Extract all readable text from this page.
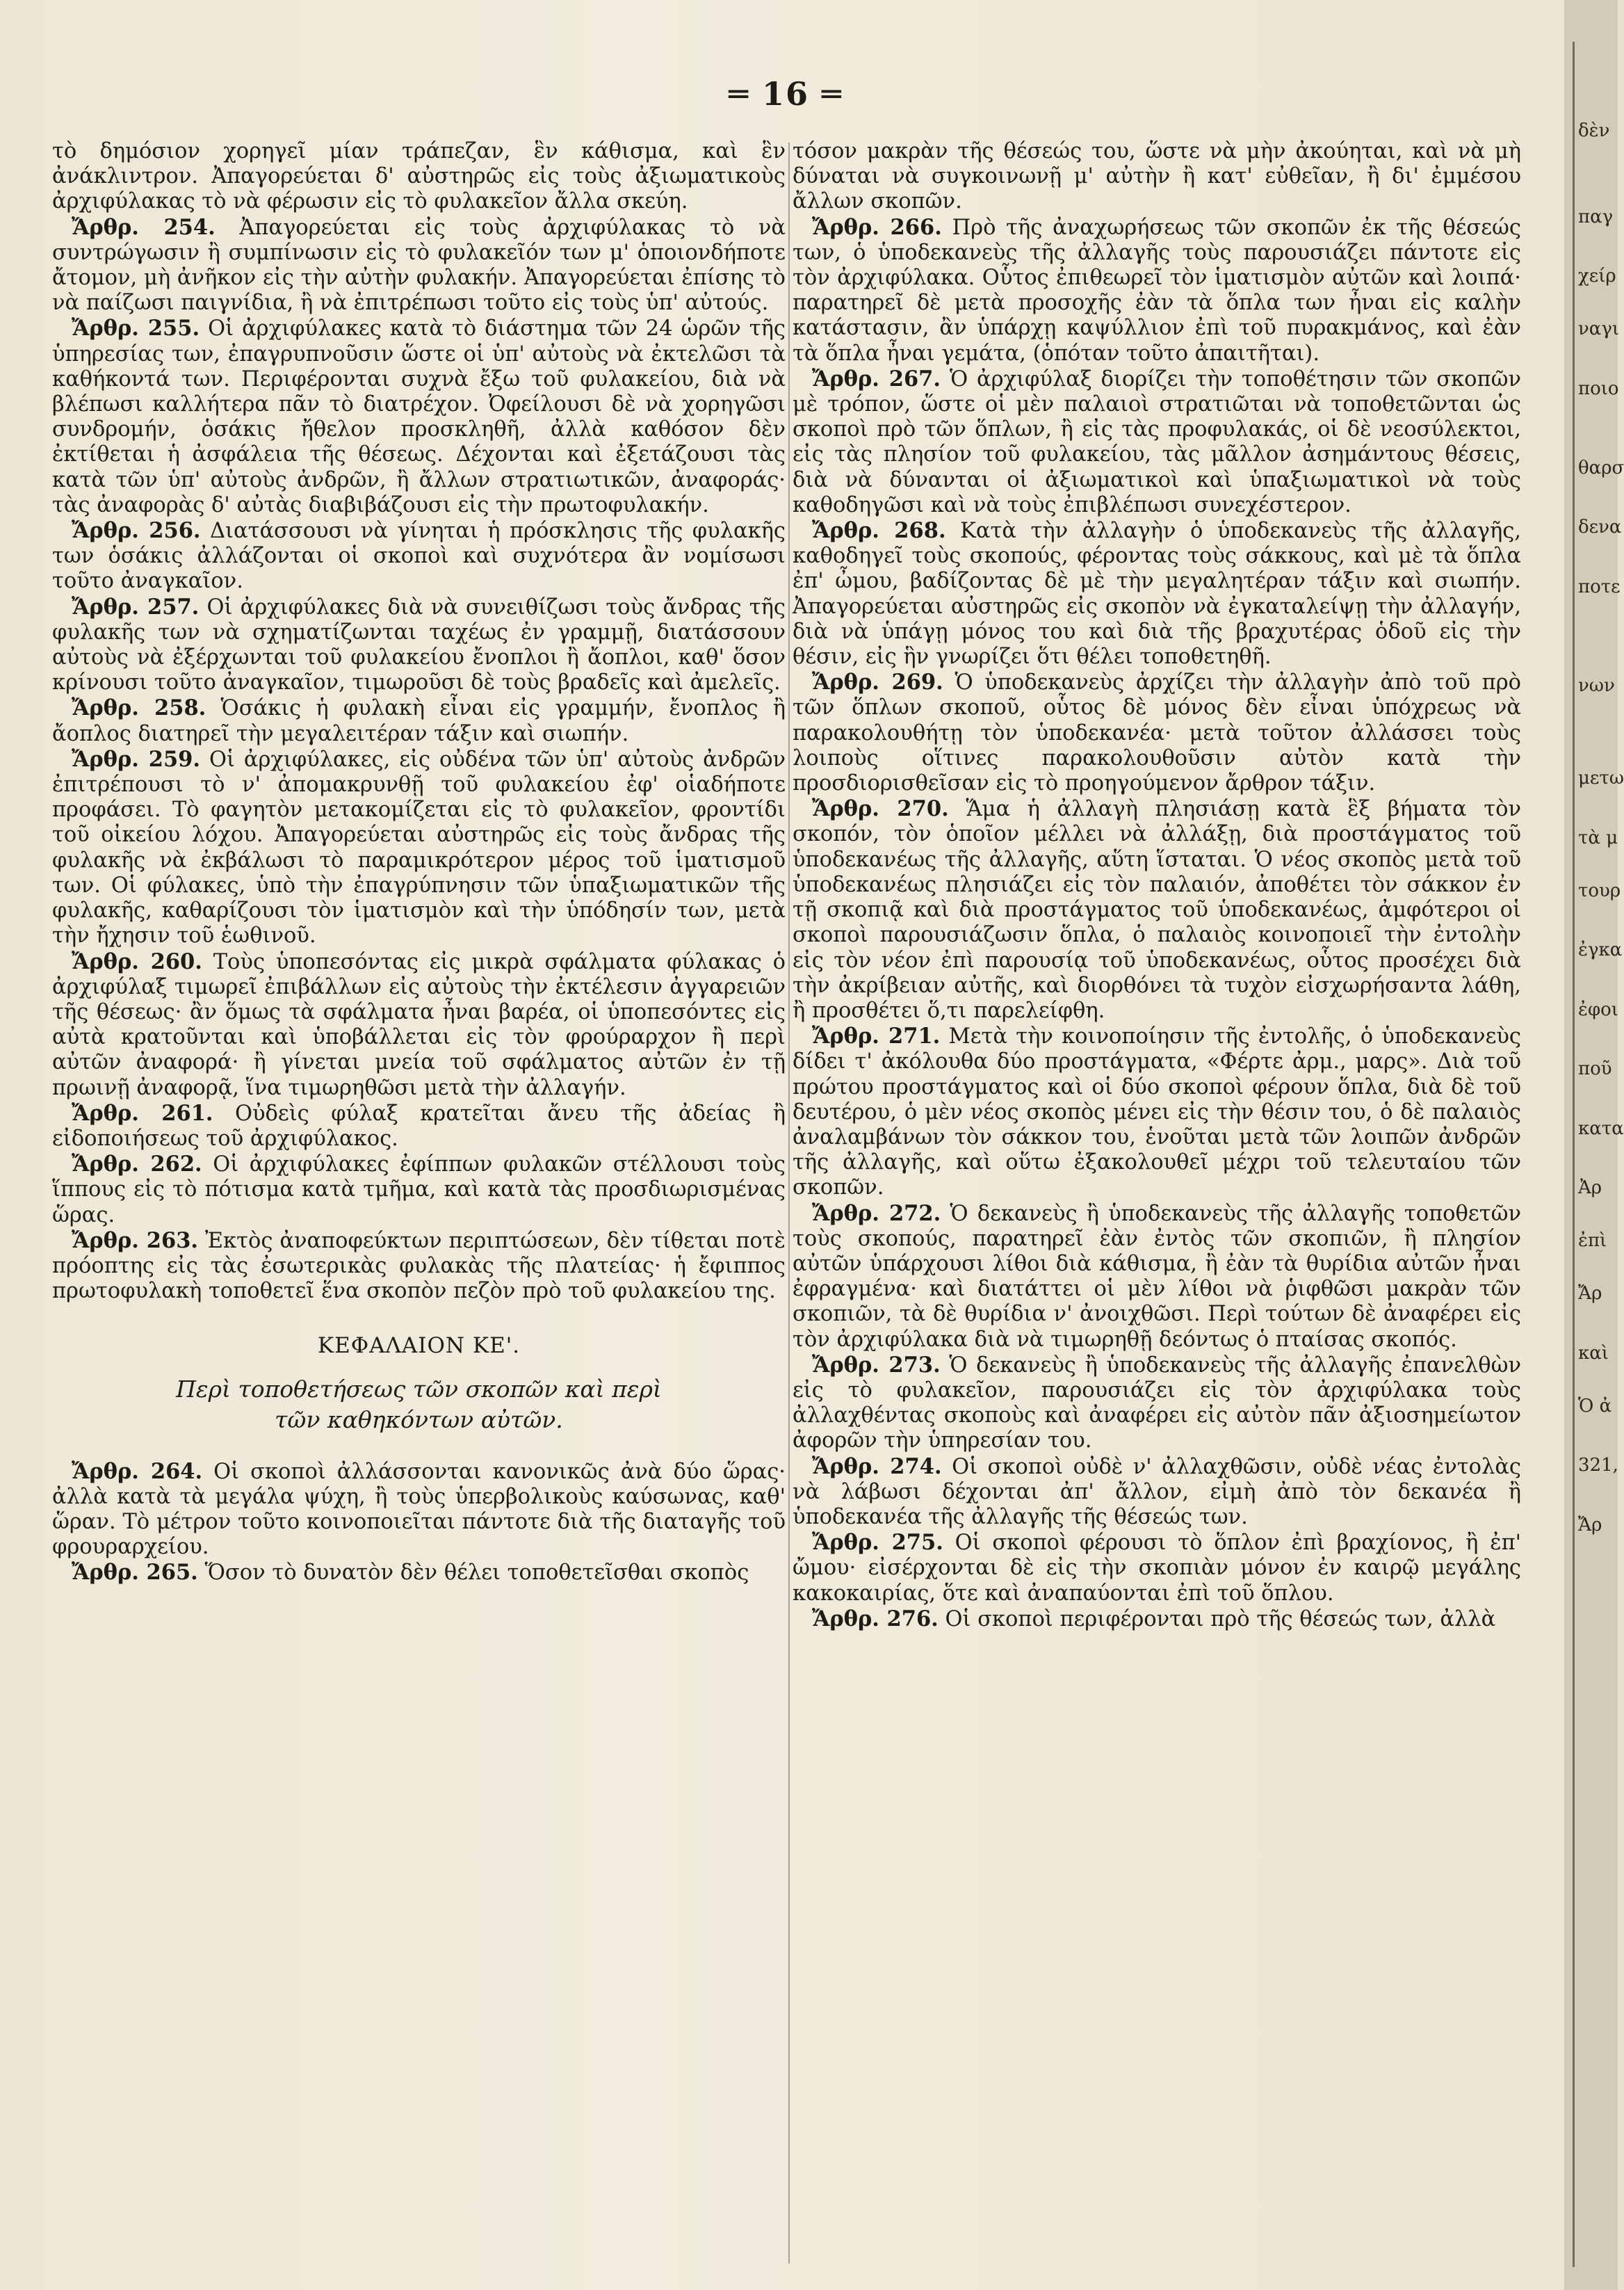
═ 16 ═

τὸ δημόσιον χορηγεῖ μίαν τράπεζαν, ἓν κάθισμα, καὶ ἓν ἀνάκλιντρον. Ἀπαγορεύεται δ' αὐστηρῶς εἰς τοὺς ἀξιωματικοὺς ἀρχιφύλακας τὸ νὰ φέρωσιν εἰς τὸ φυλακεῖον ἄλλα σκεύη.

Ἄρθρ. 254. Ἀπαγορεύεται εἰς τοὺς ἀρχιφύλακας τὸ νὰ συντρώγωσιν ἢ συμπίνωσιν εἰς τὸ φυλακεῖόν των μ' ὁποιονδήποτε ἄτομον, μὴ ἀνῆκον εἰς τὴν αὐτὴν φυλακήν. Ἀπαγορεύεται ἐπίσης τὸ νὰ παίζωσι παιγνίδια, ἢ νὰ ἐπιτρέπωσι τοῦτο εἰς τοὺς ὑπ' αὐτούς.

Ἄρθρ. 255. Οἱ ἀρχιφύλακες κατὰ τὸ διάστημα τῶν 24 ὡρῶν τῆς ὑπηρεσίας των, ἐπαγρυπνοῦσιν ὥστε οἱ ὑπ' αὐτοὺς νὰ ἐκτελῶσι τὰ καθήκοντά των. Περιφέρονται συχνὰ ἔξω τοῦ φυλακείου, διὰ νὰ βλέπωσι καλλήτερα πᾶν τὸ διατρέχον. Ὀφείλουσι δὲ νὰ χορηγῶσι συνδρομήν, ὁσάκις ἤθελον προσκληθῆ, ἀλλὰ καθόσον δὲν ἐκτίθεται ἡ ἀσφάλεια τῆς θέσεως. Δέχονται καὶ ἐξετάζουσι τὰς κατὰ τῶν ὑπ' αὐτοὺς ἀνδρῶν, ἢ ἄλλων στρατιωτικῶν, ἀναφοράς· τὰς ἀναφορὰς δ' αὐτὰς διαβιβάζουσι εἰς τὴν πρωτοφυλακήν.

Ἄρθρ. 256. Διατάσσουσι νὰ γίνηται ἡ πρόσκλησις τῆς φυλακῆς των ὁσάκις ἀλλάζονται οἱ σκοποὶ καὶ συχνότερα ἂν νομίσωσι τοῦτο ἀναγκαῖον.

Ἄρθρ. 257. Οἱ ἀρχιφύλακες διὰ νὰ συνειθίζωσι τοὺς ἄνδρας τῆς φυλακῆς των νὰ σχηματίζωνται ταχέως ἐν γραμμῇ, διατάσσουν αὐτοὺς νὰ ἐξέρχωνται τοῦ φυλακείου ἔνοπλοι ἢ ἄοπλοι, καθ' ὅσον κρίνουσι τοῦτο ἀναγκαῖον, τιμωροῦσι δὲ τοὺς βραδεῖς καὶ ἀμελεῖς.

Ἄρθρ. 258. Ὁσάκις ἡ φυλακὴ εἶναι εἰς γραμμήν, ἔνοπλος ἢ ἄοπλος διατηρεῖ τὴν μεγαλειτέραν τάξιν καὶ σιωπήν.

Ἄρθρ. 259. Οἱ ἀρχιφύλακες, εἰς οὐδένα τῶν ὑπ' αὐτοὺς ἀνδρῶν ἐπιτρέπουσι τὸ ν' ἀπομακρυνθῇ τοῦ φυλακείου ἐφ' οἱαδήποτε προφάσει. Τὸ φαγητὸν μετακομίζεται εἰς τὸ φυλακεῖον, φροντίδι τοῦ οἰκείου λόχου. Ἀπαγορεύεται αὐστηρῶς εἰς τοὺς ἄνδρας τῆς φυλακῆς νὰ ἐκβάλωσι τὸ παραμικρότερον μέρος τοῦ ἱματισμοῦ των. Οἱ φύλακες, ὑπὸ τὴν ἐπαγρύπνησιν τῶν ὑπαξιωματικῶν τῆς φυλακῆς, καθαρίζουσι τὸν ἱματισμὸν καὶ τὴν ὑπόδησίν των, μετὰ τὴν ἤχησιν τοῦ ἑωθινοῦ.

Ἄρθρ. 260. Τοὺς ὑποπεσόντας εἰς μικρὰ σφάλματα φύλακας ὁ ἀρχιφύλαξ τιμωρεῖ ἐπιβάλλων εἰς αὐτοὺς τὴν ἐκτέλεσιν ἀγγαρειῶν τῆς θέσεως· ἂν ὅμως τὰ σφάλματα ἦναι βαρέα, οἱ ὑποπεσόντες εἰς αὐτὰ κρατοῦνται καὶ ὑποβάλλεται εἰς τὸν φρούραρχον ἢ περὶ αὐτῶν ἀναφορά· ἢ γίνεται μνεία τοῦ σφάλματος αὐτῶν ἐν τῇ πρωινῇ ἀναφορᾷ, ἵνα τιμωρηθῶσι μετὰ τὴν ἀλλαγήν.

Ἄρθρ. 261. Οὐδεὶς φύλαξ κρατεῖται ἄνευ τῆς ἀδείας ἢ εἰδοποιήσεως τοῦ ἀρχιφύλακος.

Ἄρθρ. 262. Οἱ ἀρχιφύλακες ἐφίππων φυλακῶν στέλλουσι τοὺς ἵππους εἰς τὸ πότισμα κατὰ τμῆμα, καὶ κατὰ τὰς προσδιωρισμένας ὥρας.

Ἄρθρ. 263. Ἐκτὸς ἀναποφεύκτων περιπτώσεων, δὲν τίθεται ποτὲ πρόοπτης εἰς τὰς ἐσωτερικὰς φυλακὰς τῆς πλατείας· ἡ ἔφιππος πρωτοφυλακὴ τοποθετεῖ ἕνα σκοπὸν πεζὸν πρὸ τοῦ φυλακείου της.

ΚΕΦΑΛΑΙΟΝ ΚΕ'.
Περὶ τοποθετήσεως τῶν σκοπῶν καὶ περὶ
τῶν καθηκόντων αὐτῶν.

Ἄρθρ. 264. Οἱ σκοποὶ ἀλλάσσονται κανονικῶς ἀνὰ δύο ὥρας· ἀλλὰ κατὰ τὰ μεγάλα ψύχη, ἢ τοὺς ὑπερβολικοὺς καύσωνας, καθ' ὥραν. Τὸ μέτρον τοῦτο κοινοποιεῖται πάντοτε διὰ τῆς διαταγῆς τοῦ φρουραρχείου.

Ἄρθρ. 265. Ὅσον τὸ δυνατὸν δὲν θέλει τοποθετεῖσθαι σκοπὸς

τόσον μακρὰν τῆς θέσεώς του, ὥστε νὰ μὴν ἀκούηται, καὶ νὰ μὴ δύναται νὰ συγκοινωνῇ μ' αὐτὴν ἢ κατ' εὐθεῖαν, ἢ δι' ἐμμέσου ἄλλων σκοπῶν.

Ἄρθρ. 266. Πρὸ τῆς ἀναχωρήσεως τῶν σκοπῶν ἐκ τῆς θέσεώς των, ὁ ὑποδεκανεὺς τῆς ἀλλαγῆς τοὺς παρουσιάζει πάντοτε εἰς τὸν ἀρχιφύλακα. Οὗτος ἐπιθεωρεῖ τὸν ἱματισμὸν αὐτῶν καὶ λοιπά· παρατηρεῖ δὲ μετὰ προσοχῆς ἐὰν τὰ ὅπλα των ἦναι εἰς καλὴν κατάστασιν, ἂν ὑπάρχῃ καψύλλιον ἐπὶ τοῦ πυρακμάνος, καὶ ἐὰν τὰ ὅπλα ἦναι γεμάτα, (ὁπόταν τοῦτο ἀπαιτῆται).

Ἄρθρ. 267. Ὁ ἀρχιφύλαξ διορίζει τὴν τοποθέτησιν τῶν σκοπῶν μὲ τρόπον, ὥστε οἱ μὲν παλαιοὶ στρατιῶται νὰ τοποθετῶνται ὡς σκοποὶ πρὸ τῶν ὅπλων, ἢ εἰς τὰς προφυλακάς, οἱ δὲ νεοσύλεκτοι, εἰς τὰς πλησίον τοῦ φυλακείου, τὰς μᾶλλον ἀσημάντους θέσεις, διὰ νὰ δύνανται οἱ ἀξιωματικοὶ καὶ ὑπαξιωματικοὶ νὰ τοὺς καθοδηγῶσι καὶ νὰ τοὺς ἐπιβλέπωσι συνεχέστερον.

Ἄρθρ. 268. Κατὰ τὴν ἀλλαγὴν ὁ ὑποδεκανεὺς τῆς ἀλλαγῆς, καθοδηγεῖ τοὺς σκοπούς, φέροντας τοὺς σάκκους, καὶ μὲ τὰ ὅπλα ἐπ' ὦμου, βαδίζοντας δὲ μὲ τὴν μεγαλητέραν τάξιν καὶ σιωπήν. Ἀπαγορεύεται αὐστηρῶς εἰς σκοπὸν νὰ ἐγκαταλείψῃ τὴν ἀλλαγήν, διὰ νὰ ὑπάγῃ μόνος του καὶ διὰ τῆς βραχυτέρας ὁδοῦ εἰς τὴν θέσιν, εἰς ἣν γνωρίζει ὅτι θέλει τοποθετηθῆ.

Ἄρθρ. 269. Ὁ ὑποδεκανεὺς ἀρχίζει τὴν ἀλλαγὴν ἀπὸ τοῦ πρὸ τῶν ὅπλων σκοποῦ, οὗτος δὲ μόνος δὲν εἶναι ὑπόχρεως νὰ παρακολουθήτῃ τὸν ὑποδεκανέα· μετὰ τοῦτον ἀλλάσσει τοὺς λοιποὺς οἵτινες παρακολουθοῦσιν αὐτὸν κατὰ τὴν προσδιορισθεῖσαν εἰς τὸ προηγούμενον ἄρθρον τάξιν.

Ἄρθρ. 270. Ἅμα ἡ ἀλλαγὴ πλησιάσῃ κατὰ ἓξ βήματα τὸν σκοπόν, τὸν ὁποῖον μέλλει νὰ ἀλλάξῃ, διὰ προστάγματος τοῦ ὑποδεκανέως τῆς ἀλλαγῆς, αὕτη ἵσταται. Ὁ νέος σκοπὸς μετὰ τοῦ ὑποδεκανέως πλησιάζει εἰς τὸν παλαιόν, ἀποθέτει τὸν σάκκον ἐν τῇ σκοπιᾷ καὶ διὰ προστάγματος τοῦ ὑποδεκανέως, ἀμφότεροι οἱ σκοποὶ παρουσιάζωσιν ὅπλα, ὁ παλαιὸς κοινοποιεῖ τὴν ἐντολὴν εἰς τὸν νέον ἐπὶ παρουσίᾳ τοῦ ὑποδεκανέως, οὗτος προσέχει διὰ τὴν ἀκρίβειαν αὐτῆς, καὶ διορθόνει τὰ τυχὸν εἰσχωρήσαντα λάθη, ἢ προσθέτει ὅ,τι παρελείφθη.

Ἄρθρ. 271. Μετὰ τὴν κοινοποίησιν τῆς ἐντολῆς, ὁ ὑποδεκανεὺς δίδει τ' ἀκόλουθα δύο προστάγματα, «Φέρτε ἀρμ., μαρς». Διὰ τοῦ πρώτου προστάγματος καὶ οἱ δύο σκοποὶ φέρουν ὅπλα, διὰ δὲ τοῦ δευτέρου, ὁ μὲν νέος σκοπὸς μένει εἰς τὴν θέσιν του, ὁ δὲ παλαιὸς ἀναλαμβάνων τὸν σάκκον του, ἑνοῦται μετὰ τῶν λοιπῶν ἀνδρῶν τῆς ἀλλαγῆς, καὶ οὕτω ἐξακολουθεῖ μέχρι τοῦ τελευταίου τῶν σκοπῶν.

Ἄρθρ. 272. Ὁ δεκανεὺς ἢ ὑποδεκανεὺς τῆς ἀλλαγῆς τοποθετῶν τοὺς σκοπούς, παρατηρεῖ ἐὰν ἐντὸς τῶν σκοπιῶν, ἢ πλησίον αὐτῶν ὑπάρχουσι λίθοι διὰ κάθισμα, ἢ ἐὰν τὰ θυρίδια αὐτῶν ἦναι ἐφραγμένα· καὶ διατάττει οἱ μὲν λίθοι νὰ ῥιφθῶσι μακρὰν τῶν σκοπιῶν, τὰ δὲ θυρίδια ν' ἀνοιχθῶσι. Περὶ τούτων δὲ ἀναφέρει εἰς τὸν ἀρχιφύλακα διὰ νὰ τιμωρηθῇ δεόντως ὁ πταίσας σκοπός.

Ἄρθρ. 273. Ὁ δεκανεὺς ἢ ὑποδεκανεὺς τῆς ἀλλαγῆς ἐπανελθὼν εἰς τὸ φυλακεῖον, παρουσιάζει εἰς τὸν ἀρχιφύλακα τοὺς ἀλλαχθέντας σκοποὺς καὶ ἀναφέρει εἰς αὐτὸν πᾶν ἀξιοσημείωτον ἀφορῶν τὴν ὑπηρεσίαν του.

Ἄρθρ. 274. Οἱ σκοποὶ οὐδὲ ν' ἀλλαχθῶσιν, οὐδὲ νέας ἐντολὰς νὰ λάβωσι δέχονται ἀπ' ἄλλον, εἰμὴ ἀπὸ τὸν δεκανέα ἢ ὑποδεκανέα τῆς ἀλλαγῆς τῆς θέσεώς των.

Ἄρθρ. 275. Οἱ σκοποὶ φέρουσι τὸ ὅπλον ἐπὶ βραχίονος, ἢ ἐπ' ὤμου· εἰσέρχονται δὲ εἰς τὴν σκοπιὰν μόνον ἐν καιρῷ μεγάλης κακοκαιρίας, ὅτε καὶ ἀναπαύονται ἐπὶ τοῦ ὅπλου.

Ἄρθρ. 276. Οἱ σκοποὶ περιφέρονται πρὸ τῆς θέσεώς των, ἀλλὰ

δὲν
παγ
χείρ
ναγι
ποιο
θαρσ
δενα
ποτε
νων
μετω
τὰ μ
τουρ
ἐγκα
ἐφοι
ποῦ
κατα
Ἀρ
ἐπὶ
Ἄρ
καὶ
Ὁ ἀ
321,
Ἄρ
